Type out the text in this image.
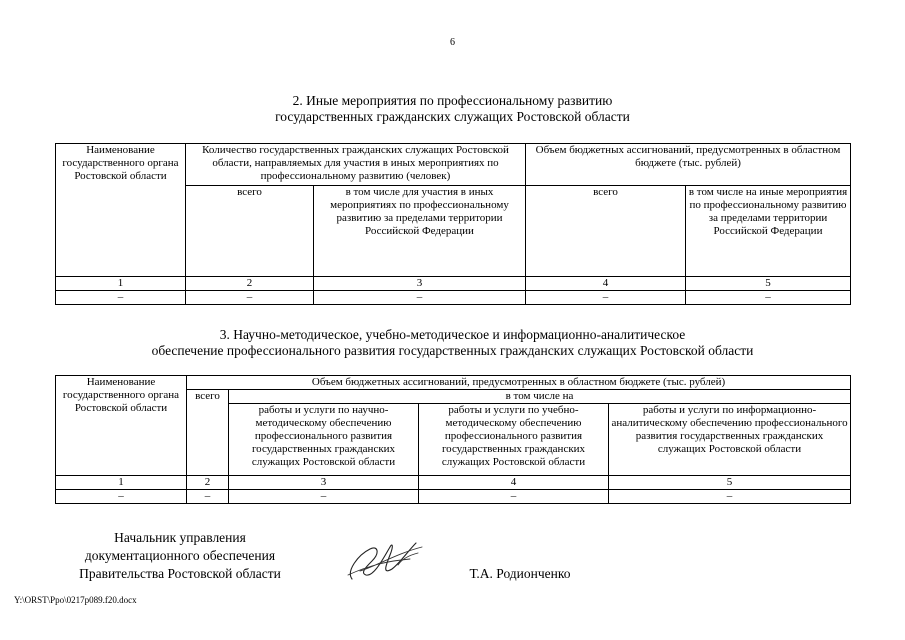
6
2. Иные мероприятия по профессиональному развитию
государственных гражданских служащих Ростовской области
Наименование государственного органа Ростовской области	Количество государственных гражданских служащих Ростовской области, направляемых для участия в иных мероприятиях по профессиональному развитию (человек)		Объем бюджетных ассигнований, предусмотренных в областном бюджете (тыс. рублей)	
	всего	в том числе для участия в иных мероприятиях по профессиональному развитию за пределами территории Российской Федерации	всего	в том числе на иные мероприятия по профессиональному развитию за пределами территории Российской Федерации
1	2	3	4	5
–	–	–	–	–
3. Научно-методическое, учебно-методическое и информационно-аналитическое
обеспечение профессионального развития государственных гражданских служащих Ростовской области
Наименование государственного органа Ростовской области	Объем бюджетных ассигнований, предусмотренных в областном бюджете (тыс. рублей)			
	всего	в том числе на		
		работы и услуги по научно-методическому обеспечению профессионального развития государственных гражданских служащих Ростовской области	работы и услуги по учебно-методическому обеспечению профессионального развития государственных гражданских служащих Ростовской области	работы и услуги по информационно-аналитическому обеспечению профессионального развития государственных гражданских служащих Ростовской области
1	2	3	4	5
–	–	–	–	–
Начальник управления
документационного обеспечения
Правительства Ростовской области	Т.А. Родионченко
Y:\ORST\Ppo\0217p089.f20.docx
